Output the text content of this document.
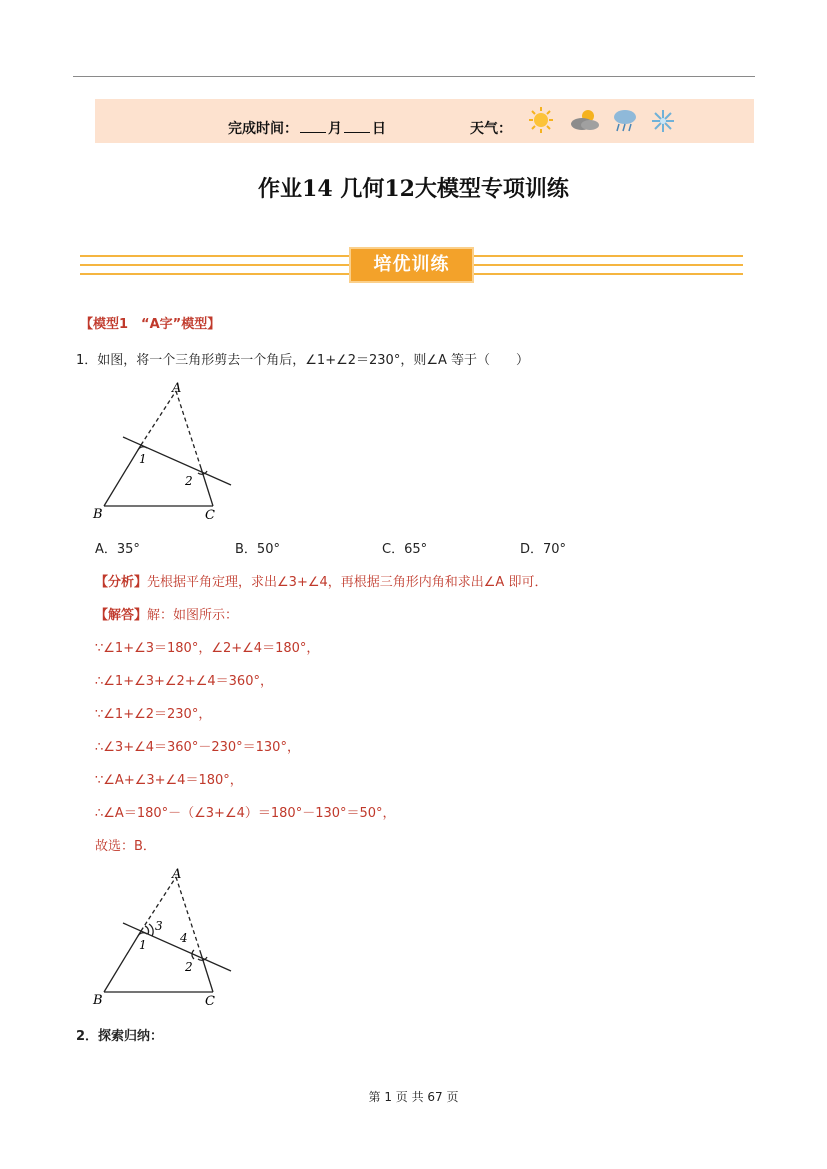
完成时间： 月 日	天气：
作业14 几何12大模型专项训练
培优训练
【模型1　“A字”模型】
1．如图，将一个三角形剪去一个角后，∠1+∠2＝230°，则∠A 等于（　　）
A
B	C
1
2
A．35°	B．50°	C．65°	D．70°
【分析】先根据平角定理，求出∠3+∠4，再根据三角形内角和求出∠A 即可．
【解答】解：如图所示：
∵∠1+∠3＝180°，∠2+∠4＝180°，
∴∠1+∠3+∠2+∠4＝360°，
∵∠1+∠2＝230°，
∴∠3+∠4＝360°－230°＝130°，
∵∠A+∠3+∠4＝180°，
∴∠A＝180°－（∠3+∠4）＝180°－130°＝50°，
故选：B．
A
B	C
1
2
3
4
2．探索归纳：
第 1 页 共 67 页
